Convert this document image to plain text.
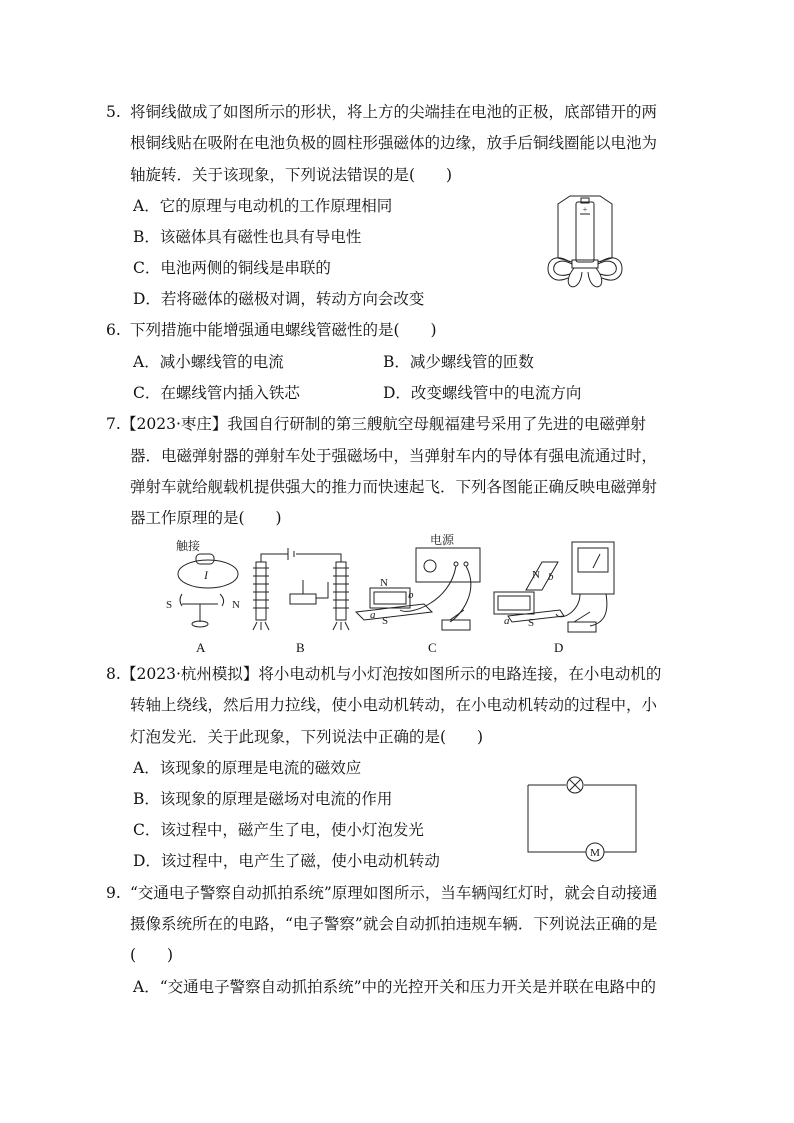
5. 将铜线做成了如图所示的形状，将上方的尖端挂在电池的正极，底部错开的两
根铜线贴在吸附在电池负极的圆柱形强磁体的边缘，放手后铜线圈能以电池为
轴旋转．关于该现象，下列说法错误的是(　　)
A．它的原理与电动机的工作原理相同
B．该磁体具有磁性也具有导电性
C．电池两侧的铜线是串联的
D．若将磁体的磁极对调，转动方向会改变
+
6. 下列措施中能增强通电螺线管磁性的是(　　)
A．减小螺线管的电流	B．减少螺线管的匝数
C．在螺线管内插入铁芯	D．改变螺线管中的电流方向
7. 【2023·枣庄】我国自行研制的第三艘航空母舰福建号采用了先进的电磁弹射
器．电磁弹射器的弹射车处于强磁场中，当弹射车内的导体有强电流通过时，
弹射车就给舰载机提供强大的推力而快速起飞．下列各图能正确反映电磁弹射
器工作原理的是(　　)
触接
I
S	N
电源
N
b
a S
N b
a S
A	B	C	D
8. 【2023·杭州模拟】将小电动机与小灯泡按如图所示的电路连接，在小电动机的
转轴上绕线，然后用力拉线，使小电动机转动，在小电动机转动的过程中，小
灯泡发光．关于此现象，下列说法中正确的是(　　)
A．该现象的原理是电流的磁效应
B．该现象的原理是磁场对电流的作用
C．该过程中，磁产生了电，使小灯泡发光
D．该过程中，电产生了磁，使小电动机转动	M
9. “交通电子警察自动抓拍系统”原理如图所示，当车辆闯红灯时，就会自动接通
摄像系统所在的电路，“电子警察”就会自动抓拍违规车辆．下列说法正确的是
(　　)
A．“交通电子警察自动抓拍系统”中的光控开关和压力开关是并联在电路中的
